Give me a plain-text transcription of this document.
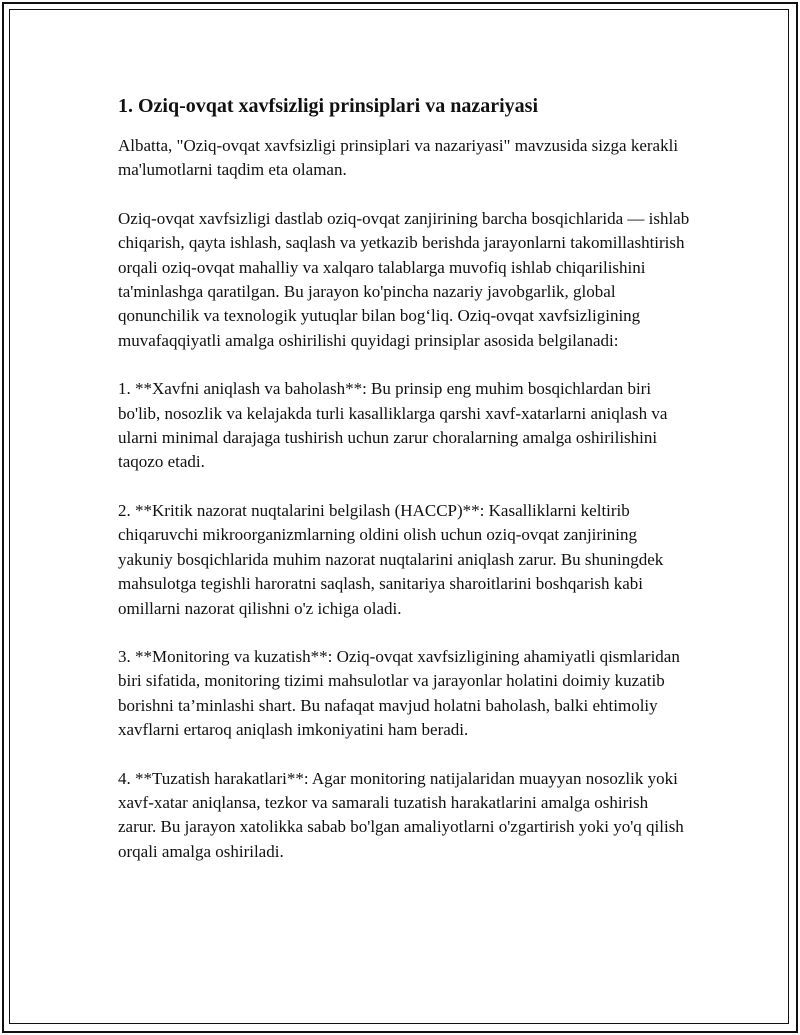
1. Oziq-ovqat xavfsizligi prinsiplari va nazariyasi

Albatta, "Oziq-ovqat xavfsizligi prinsiplari va nazariyasi" mavzusida sizga kerakli ma'lumotlarni taqdim eta olaman.

Oziq-ovqat xavfsizligi dastlab oziq-ovqat zanjirining barcha bosqichlarida — ishlab chiqarish, qayta ishlash, saqlash va yetkazib berishda jarayonlarni takomillashtirish orqali oziq-ovqat mahalliy va xalqaro talablarga muvofiq ishlab chiqarilishini ta'minlashga qaratilgan. Bu jarayon ko'pincha nazariy javobgarlik, global qonunchilik va texnologik yutuqlar bilan bog‘liq. Oziq-ovqat xavfsizligining muvafaqqiyatli amalga oshirilishi quyidagi prinsiplar asosida belgilanadi:

1. **Xavfni aniqlash va baholash**: Bu prinsip eng muhim bosqichlardan biri bo'lib, nosozlik va kelajakda turli kasalliklarga qarshi xavf-xatarlarni aniqlash va ularni minimal darajaga tushirish uchun zarur choralarning amalga oshirilishini taqozo etadi.

2. **Kritik nazorat nuqtalarini belgilash (HACCP)**: Kasalliklarni keltirib chiqaruvchi mikroorganizmlarning oldini olish uchun oziq-ovqat zanjirining yakuniy bosqichlarida muhim nazorat nuqtalarini aniqlash zarur. Bu shuningdek mahsulotga tegishli haroratni saqlash, sanitariya sharoitlarini boshqarish kabi omillarni nazorat qilishni o'z ichiga oladi.

3. **Monitoring va kuzatish**: Oziq-ovqat xavfsizligining ahamiyatli qismlaridan biri sifatida, monitoring tizimi mahsulotlar va jarayonlar holatini doimiy kuzatib borishni ta’minlashi shart. Bu nafaqat mavjud holatni baholash, balki ehtimoliy xavflarni ertaroq aniqlash imkoniyatini ham beradi.

4. **Tuzatish harakatlari**: Agar monitoring natijalaridan muayyan nosozlik yoki xavf-xatar aniqlansa, tezkor va samarali tuzatish harakatlarini amalga oshirish zarur. Bu jarayon xatolikka sabab bo'lgan amaliyotlarni o'zgartirish yoki yo'q qilish orqali amalga oshiriladi.
